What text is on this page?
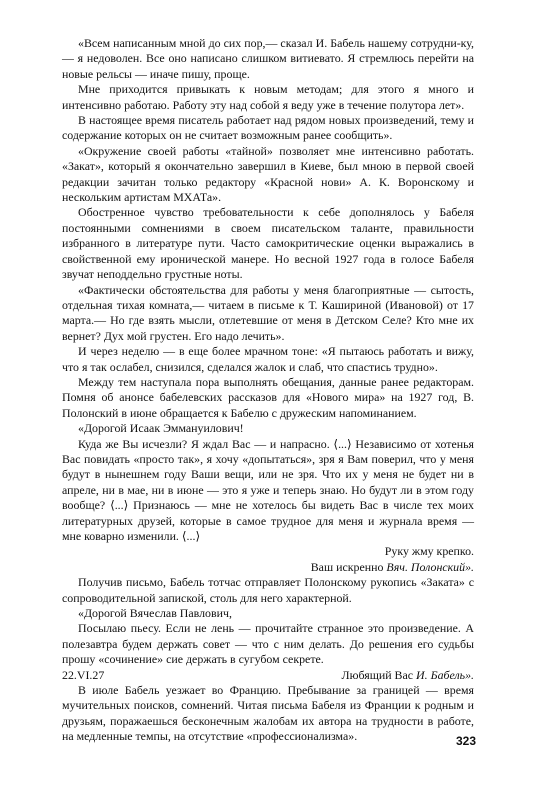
«Всем написанным мной до сих пор,— сказал И. Бабель нашему сотрудни-ку,— я недоволен. Все оно написано слишком витиевато. Я стремлюсь перейти на новые рельсы — иначе пишу, проще.

Мне приходится привыкать к новым методам; для этого я много и интенсивно работаю. Работу эту над собой я веду уже в течение полутора лет».

В настоящее время писатель работает над рядом новых произведений, тему и содержание которых он не считает возможным ранее сообщить».

«Окружение своей работы «тайной» позволяет мне интенсивно работать. «Закат», который я окончательно завершил в Киеве, был мною в первой своей редакции зачитан только редактору «Красной нови» А. К. Воронскому и нескольким артистам МХАТа».

Обостренное чувство требовательности к себе дополнялось у Бабеля постоянными сомнениями в своем писательском таланте, правильности избранного в литературе пути. Часто самокритические оценки выражались в свойственной ему иронической манере. Но весной 1927 года в голосе Бабеля звучат неподдельно грустные ноты.

«Фактически обстоятельства для работы у меня благоприятные — сытость, отдельная тихая комната,— читаем в письме к Т. Кашириной (Ивановой) от 17 марта.— Но где взять мысли, отлетевшие от меня в Детском Селе? Кто мне их вернет? Дух мой грустен. Его надо лечить».

И через неделю — в еще более мрачном тоне: «Я пытаюсь работать и вижу, что я так ослабел, снизился, сделался жалок и слаб, что спастись трудно».

Между тем наступала пора выполнять обещания, данные ранее редакторам. Помня об анонсе бабелевских рассказов для «Нового мира» на 1927 год, В. Полонский в июне обращается к Бабелю с дружеским напоминанием.

«Дорогой Исаак Эммануилович!

Куда же Вы исчезли? Я ждал Вас — и напрасно. ⟨...⟩ Независимо от хотенья Вас повидать «просто так», я хочу «допытаться», зря я Вам поверил, что у меня будут в нынешнем году Ваши вещи, или не зря. Что их у меня не будет ни в апреле, ни в мае, ни в июне — это я уже и теперь знаю. Но будут ли в этом году вообще? ⟨...⟩ Признаюсь — мне не хотелось бы видеть Вас в числе тех моих литературных друзей, которые в самое трудное для меня и журнала время — мне коварно изменили. ⟨...⟩

Руку жму крепко.

Ваш искренно Вяч. Полонский».

Получив письмо, Бабель тотчас отправляет Полонскому рукопись «Заката» с сопроводительной запиской, столь для него характерной.

«Дорогой Вячеслав Павлович,

Посылаю пьесу. Если не лень — прочитайте странное это произведение. А полезавтра будем держать совет — что с ним делать. До решения его судьбы прошу «сочинение» сие держать в сугубом секрете.

22.VI.27	Любящий Вас И. Бабель».

В июле Бабель уезжает во Францию. Пребывание за границей — время мучительных поисков, сомнений. Читая письма Бабеля из Франции к родным и друзьям, поражаешься бесконечным жалобам их автора на трудности в работе, на медленные темпы, на отсутствие «профессионализма».	323
